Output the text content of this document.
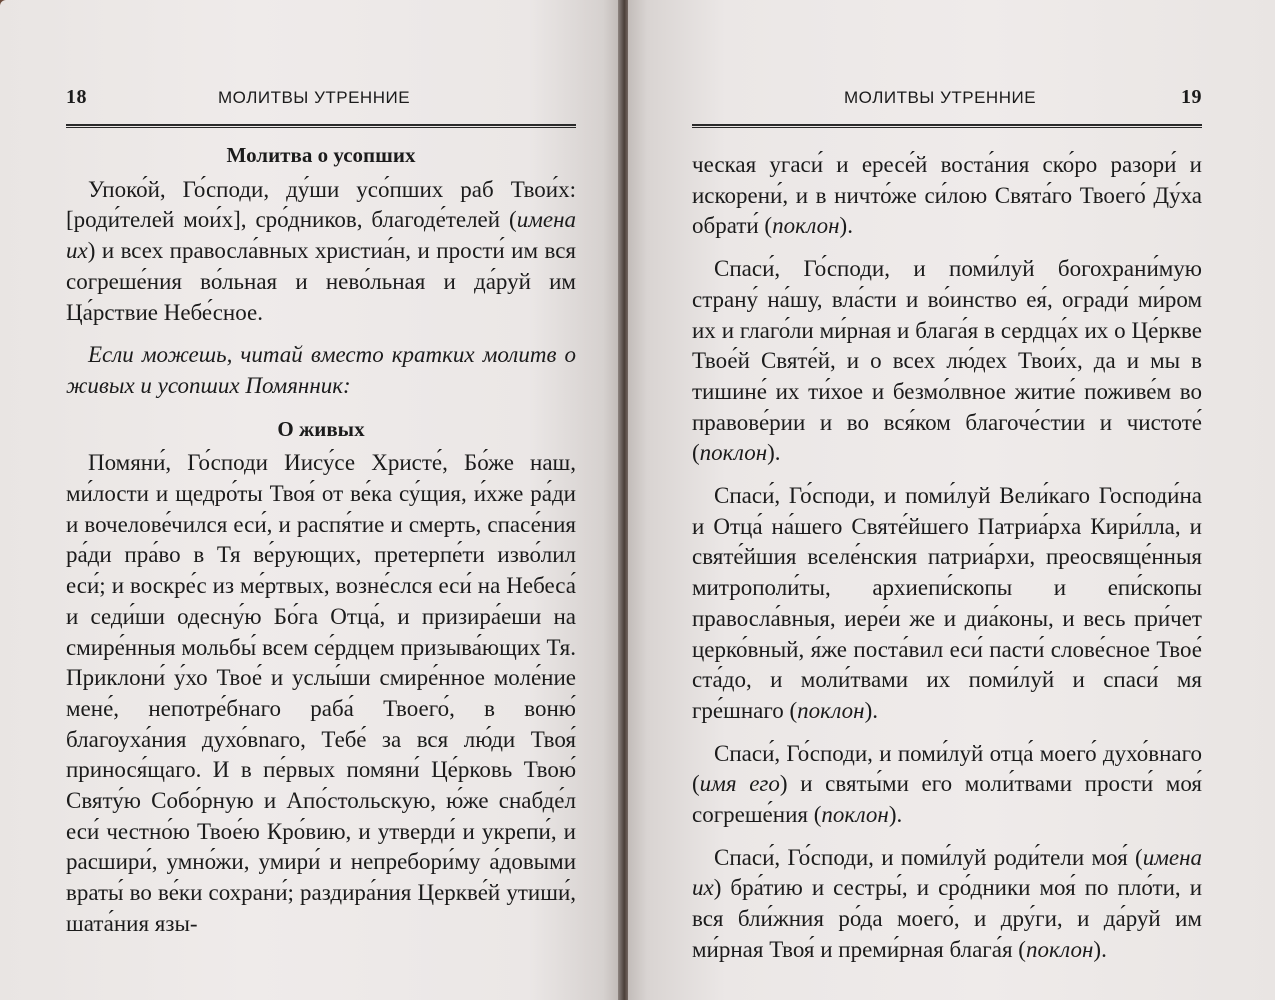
18	МОЛИТВЫ УТРЕННИЕ

Молитва о усопших

Упоко́й, Го́споди, ду́ши усо́пших раб Твои́х: [роди́телей мои́х], сро́дников, благоде́телей (имена их) и всех правосла́вных христиа́н, и прости́ им вся согреше́ния во́льная и нево́льная и да́руй им Ца́рствие Небе́сное.

Если можешь, читай вместо кратких молитв о живых и усопших Помянник:

О живых

Помяни́, Го́споди Иису́се Христе́, Бо́же наш, ми́лости и щедро́ты Твоя́ от ве́ка су́щия, и́хже ра́ди и вочелове́чился еси́, и распя́тие и смерть, спасе́ния ра́ди пра́во в Тя ве́рующих, претерпе́ти изво́лил еси́; и воскре́с из ме́ртвых, возне́слся еси́ на Небеса́ и седи́ши одесну́ю Бо́га Отца́, и призира́еши на смире́нныя мольбы́ всем се́рдцем призыва́ющих Тя. Приклони́ у́хо Твое́ и услы́ши смире́нное моле́ние мене́, непотре́бнаго раба́ Твоего́, в воню́ благоуха́ния духо́вnаго, Тебе́ за вся лю́ди Твоя́ принося́щаго. И в пе́рвых помяни́ Це́рковь Твою́ Святу́ю Собо́рную и Апо́стольскую, ю́же снабде́л еси́ честно́ю Твое́ю Кро́вию, и утверди́ и укрепи́, и расшири́, умно́жи, умири́ и непребори́му а́довыми враты́ во ве́ки сохрани́; раздира́ния Церкве́й утиши́, шата́ния язы-

МОЛИТВЫ УТРЕННИЕ	19

ческая угаси́ и ересе́й воста́ния ско́ро разори́ и искорени́, и в ничто́же си́лою Свята́го Твоего́ Ду́ха обрати́ (поклон).

Спаси́, Го́споди, и поми́луй богохрани́мую страну́ на́шу, вла́сти и во́инство ея́, огради́ ми́ром их и глаго́ли ми́рная и блага́я в сердца́х их о Це́ркве Твое́й Святе́й, и о всех лю́дех Твои́х, да и мы в тишине́ их ти́хое и безмо́лвное житие́ поживе́м во правове́рии и во вся́ком благоче́стии и чистоте́ (поклон).

Спаси́, Го́споди, и поми́луй Вели́каго Господи́на и Отца́ на́шего Святе́йшего Патриа́рха Кири́лла, и святе́йшия вселе́нския патриа́рхи, преосвяще́нныя митрополи́ты, архиепи́скопы и епи́скопы правосла́вныя, иере́и же и диа́коны, и весь при́чет церко́вный, я́же поста́вил еси́ пасти́ слове́сное Твое́ ста́до, и моли́твами их поми́луй и спаси́ мя гре́шнаго (поклон).

Спаси́, Го́споди, и поми́луй отца́ моего́ духо́внаго (имя его) и святы́ми его моли́твами прости́ моя́ согреше́ния (поклон).

Спаси́, Го́споди, и поми́луй роди́тели моя́ (имена их) бра́тию и сестры́, и сро́дники моя́ по пло́ти, и вся бли́жния ро́да моего́, и дру́ги, и да́руй им ми́рная Твоя́ и преми́рная блага́я (поклон).
